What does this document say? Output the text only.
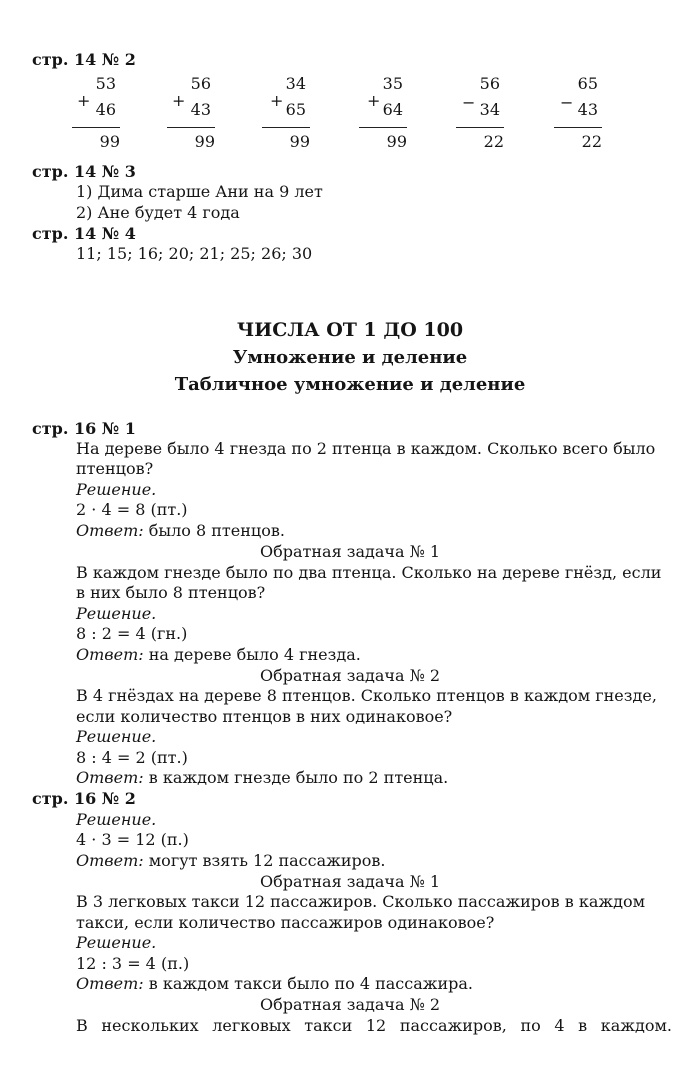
стр. 14 № 2
+
53
46
99
+
56
43
99
+
34
65
99
+
35
64
99
−
56
34
22
−
65
43
22
стр. 14 № 3
1) Дима старше Ани на 9 лет
2) Ане будет 4 года
стр. 14 № 4
11; 15; 16; 20; 21; 25; 26; 30
ЧИСЛА ОТ 1 ДО 100
Умножение и деление
Табличное умножение и деление
стр. 16 № 1
На дереве было 4 гнезда по 2 птенца в каждом. Сколько всего было
птенцов?
Решение.
2 · 4 = 8 (пт.)
Ответ: было 8 птенцов.
Обратная задача № 1
В каждом гнезде было по два птенца. Сколько на дереве гнёзд, если
в них было 8 птенцов?
Решение.
8 : 2 = 4 (гн.)
Ответ: на дереве было 4 гнезда.
Обратная задача № 2
В 4 гнёздах на дереве 8 птенцов. Сколько птенцов в каждом гнезде,
если количество птенцов в них одинаковое?
Решение.
8 : 4 = 2 (пт.)
Ответ: в каждом гнезде было по 2 птенца.
стр. 16 № 2
Решение.
4 · 3 = 12 (п.)
Ответ: могут взять 12 пассажиров.
Обратная задача № 1
В 3 легковых такси 12 пассажиров. Сколько пассажиров в каждом
такси, если количество пассажиров одинаковое?
Решение.
12 : 3 = 4 (п.)
Ответ: в каждом такси было по 4 пассажира.
Обратная задача № 2
В нескольких легковых такси 12 пассажиров, по 4 в каждом.
